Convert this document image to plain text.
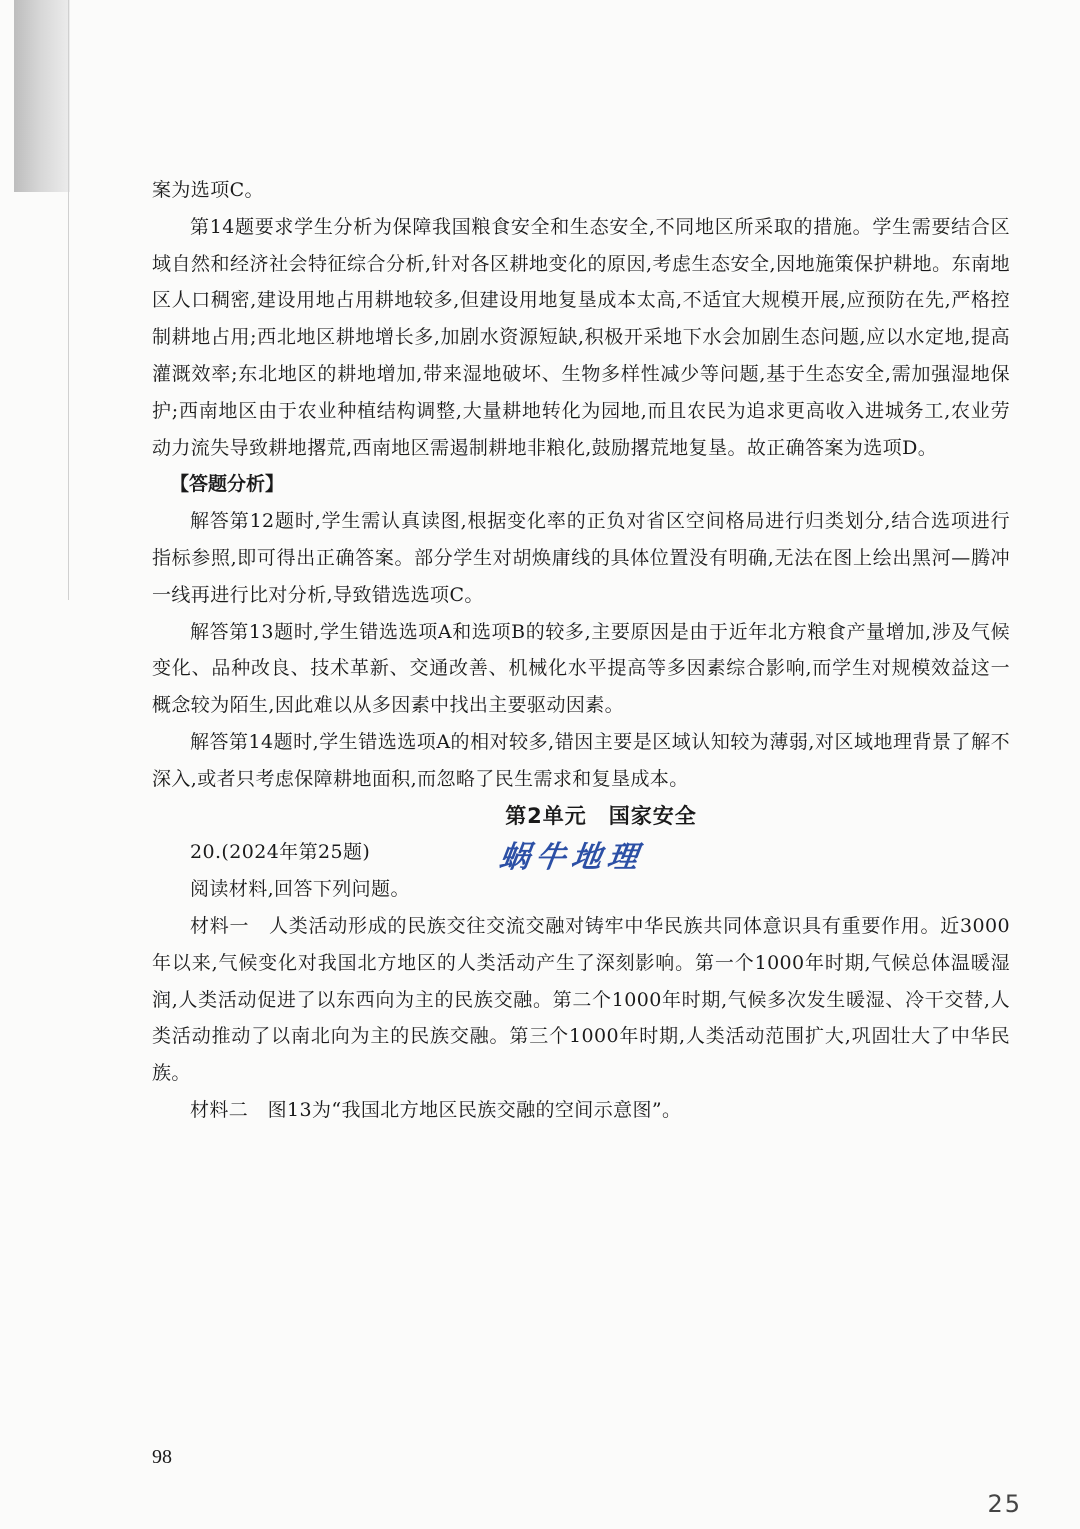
案为选项C。

第14题要求学生分析为保障我国粮食安全和生态安全,不同地区所采取的措施。学生需要结合区域自然和经济社会特征综合分析,针对各区耕地变化的原因,考虑生态安全,因地施策保护耕地。东南地区人口稠密,建设用地占用耕地较多,但建设用地复垦成本太高,不适宜大规模开展,应预防在先,严格控制耕地占用;西北地区耕地增长多,加剧水资源短缺,积极开采地下水会加剧生态问题,应以水定地,提高灌溉效率;东北地区的耕地增加,带来湿地破坏、生物多样性减少等问题,基于生态安全,需加强湿地保护;西南地区由于农业种植结构调整,大量耕地转化为园地,而且农民为追求更高收入进城务工,农业劳动力流失导致耕地撂荒,西南地区需遏制耕地非粮化,鼓励撂荒地复垦。故正确答案为选项D。

【答题分析】

解答第12题时,学生需认真读图,根据变化率的正负对省区空间格局进行归类划分,结合选项进行指标参照,即可得出正确答案。部分学生对胡焕庸线的具体位置没有明确,无法在图上绘出黑河—腾冲一线再进行比对分析,导致错选选项C。

解答第13题时,学生错选选项A和选项B的较多,主要原因是由于近年北方粮食产量增加,涉及气候变化、品种改良、技术革新、交通改善、机械化水平提高等多因素综合影响,而学生对规模效益这一概念较为陌生,因此难以从多因素中找出主要驱动因素。

解答第14题时,学生错选选项A的相对较多,错因主要是区域认知较为薄弱,对区域地理背景了解不深入,或者只考虑保障耕地面积,而忽略了民生需求和复垦成本。

第2单元　国家安全

20.(2024年第25题)	蜗牛地理

阅读材料,回答下列问题。

材料一　人类活动形成的民族交往交流交融对铸牢中华民族共同体意识具有重要作用。近3000年以来,气候变化对我国北方地区的人类活动产生了深刻影响。第一个1000年时期,气候总体温暖湿润,人类活动促进了以东西向为主的民族交融。第二个1000年时期,气候多次发生暖湿、冷干交替,人类活动推动了以南北向为主的民族交融。第三个1000年时期,人类活动范围扩大,巩固壮大了中华民族。

材料二　图13为“我国北方地区民族交融的空间示意图”。

98
25
